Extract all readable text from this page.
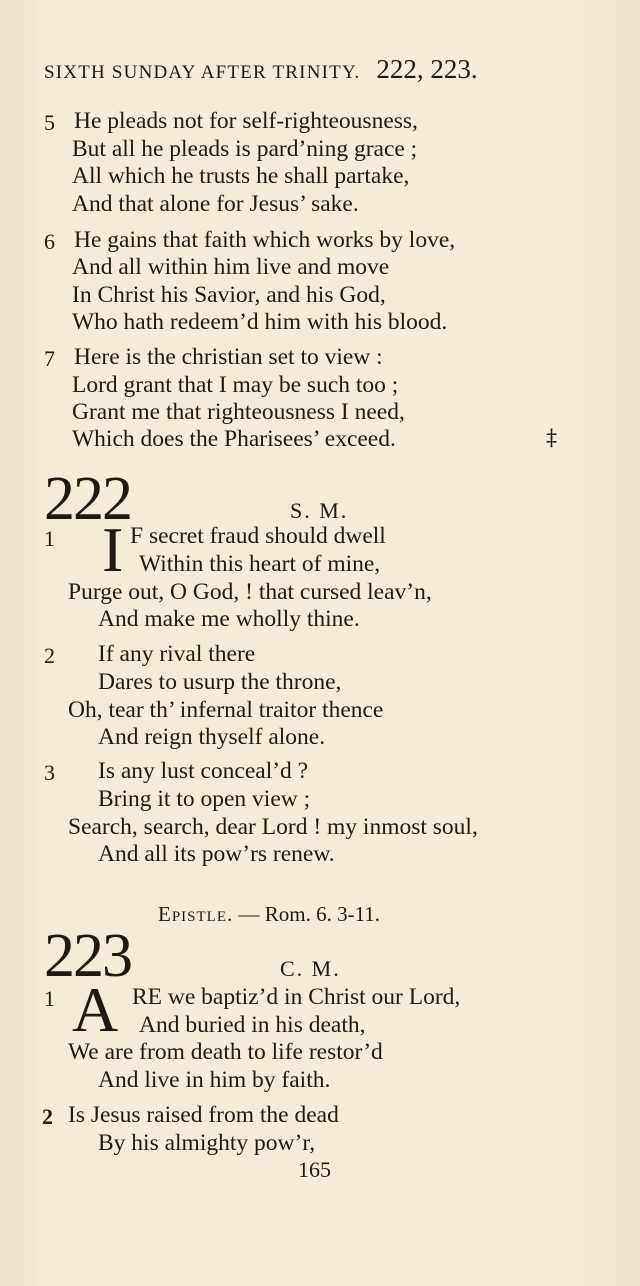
SIXTH SUNDAY AFTER TRINITY. 222, 223.
5 He pleads not for self-righteousness,
But all he pleads is pard’ning grace ;
All which he trusts he shall partake,
And that alone for Jesus’ sake.
6 He gains that faith which works by love,
And all within him live and move
In Christ his Savior, and his God,
Who hath redeem’d him with his blood.
7 Here is the christian set to view :
Lord grant that I may be such too ;
Grant me that righteousness I need,
Which does the Pharisees’ exceed.	‡
222	S. M.
1 I F secret fraud should dwell
Within this heart of mine,
Purge out, O God, ! that cursed leav’n,
And make me wholly thine.
2 If any rival there
Dares to usurp the throne,
Oh, tear th’ infernal traitor thence
And reign thyself alone.
3 Is any lust conceal’d ?
Bring it to open view ;
Search, search, dear Lord ! my inmost soul,
And all its pow’rs renew.
Epistle. — Rom. 6. 3-11.
223	C. M.
1 A RE we baptiz’d in Christ our Lord,
And buried in his death,
We are from death to life restor’d
And live in him by faith.
2 Is Jesus raised from the dead
By his almighty pow’r,
165
